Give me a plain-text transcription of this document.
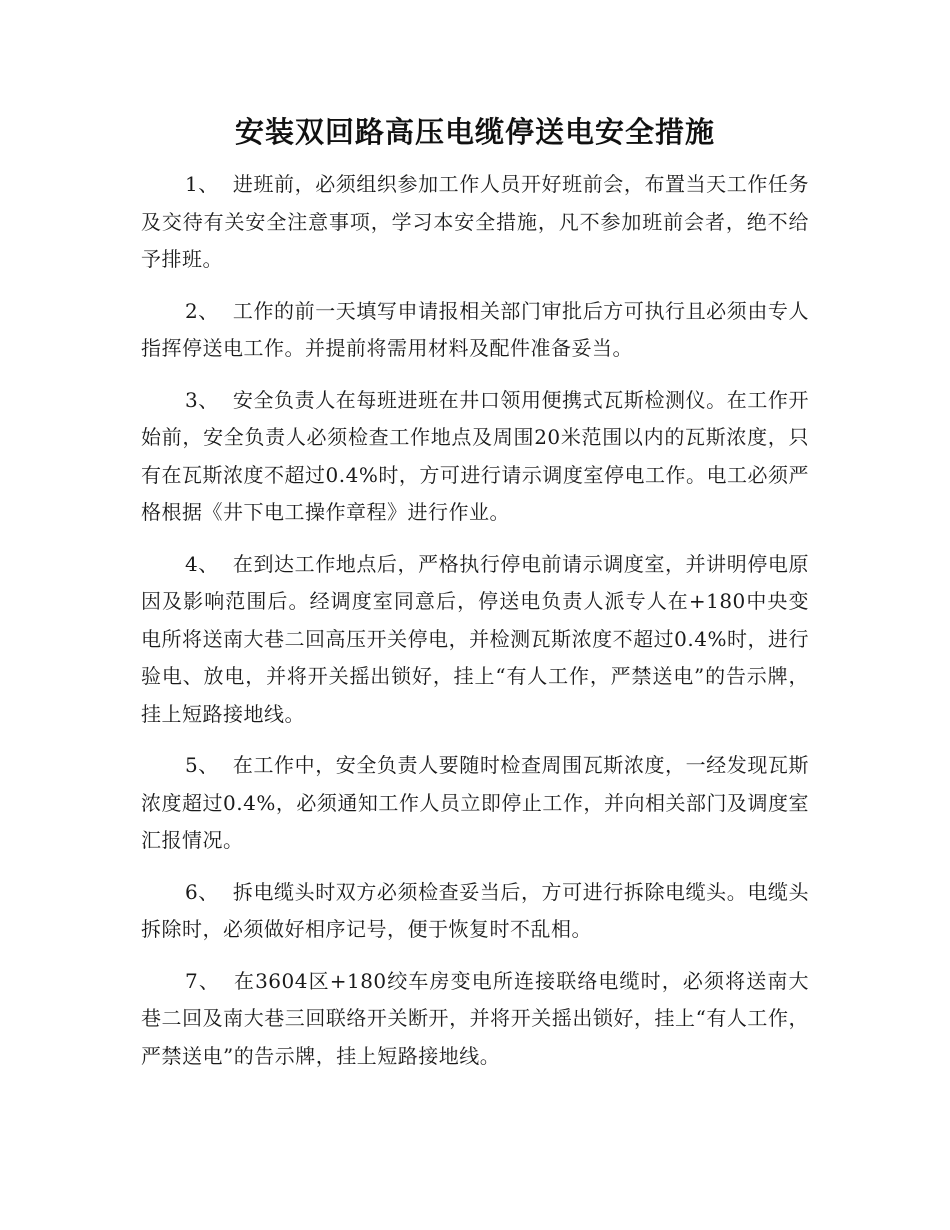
安装双回路高压电缆停送电安全措施

1、 进班前，必须组织参加工作人员开好班前会，布置当天工作任务及交待有关安全注意事项，学习本安全措施，凡不参加班前会者，绝不给予排班。

2、 工作的前一天填写申请报相关部门审批后方可执行且必须由专人指挥停送电工作。并提前将需用材料及配件准备妥当。

3、 安全负责人在每班进班在井口领用便携式瓦斯检测仪。在工作开始前，安全负责人必须检查工作地点及周围20米范围以内的瓦斯浓度，只有在瓦斯浓度不超过0.4%时，方可进行请示调度室停电工作。电工必须严格根据《井下电工操作章程》进行作业。

4、 在到达工作地点后，严格执行停电前请示调度室，并讲明停电原因及影响范围后。经调度室同意后，停送电负责人派专人在+180中央变电所将送南大巷二回高压开关停电，并检测瓦斯浓度不超过0.4%时，进行验电、放电，并将开关摇出锁好，挂上“有人工作，严禁送电”的告示牌，挂上短路接地线。

5、 在工作中，安全负责人要随时检查周围瓦斯浓度，一经发现瓦斯浓度超过0.4%，必须通知工作人员立即停止工作，并向相关部门及调度室汇报情况。

6、 拆电缆头时双方必须检查妥当后，方可进行拆除电缆头。电缆头拆除时，必须做好相序记号，便于恢复时不乱相。

7、 在3604区+180绞车房变电所连接联络电缆时，必须将送南大巷二回及南大巷三回联络开关断开，并将开关摇出锁好，挂上“有人工作，严禁送电”的告示牌，挂上短路接地线。
